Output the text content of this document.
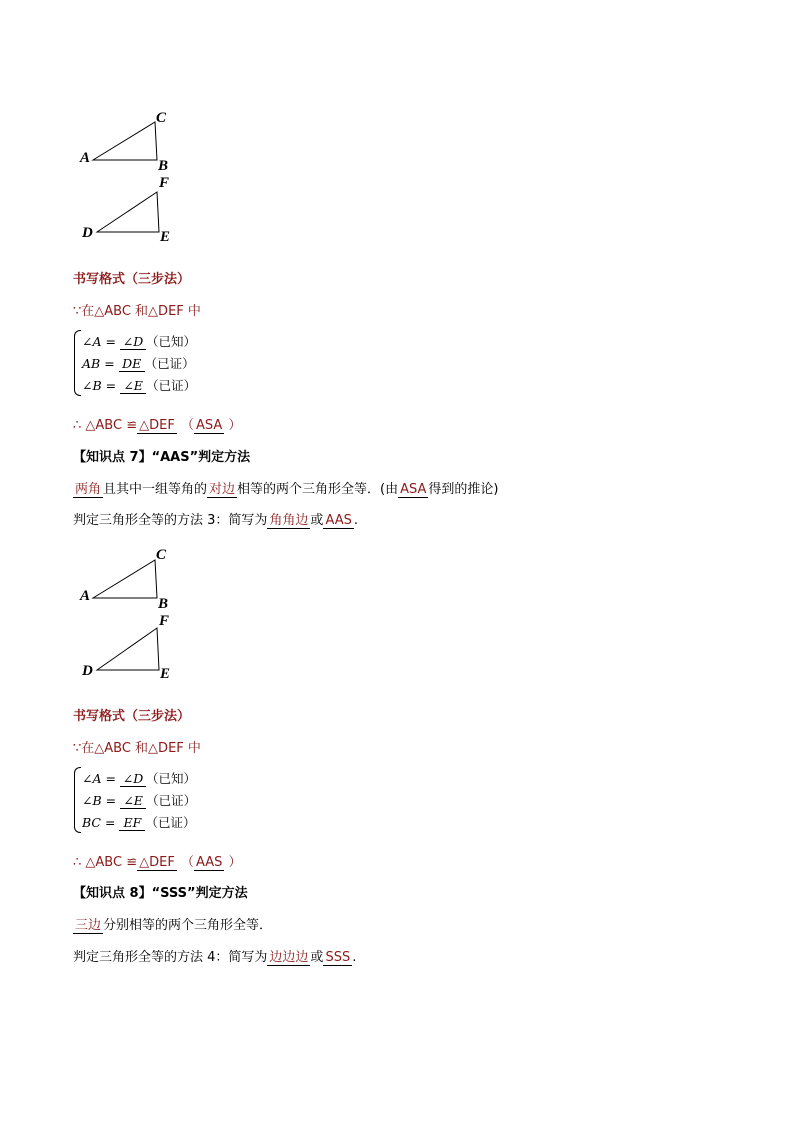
A
C
B
D
F
E
书写格式（三步法）
∵在△ABC 和△DEF 中
∠A = ∠D （已知）
AB = DE （已证）
∠B = ∠E （已证）
∴ △ABC ≌ △DEF （ ASA ）
【知识点 7】“AAS”判定方法
两角 且其中一组等角的 对边 相等的两个三角形全等．(由 ASA 得到的推论)
判定三角形全等的方法 3：简写为 角角边 或 AAS .
A
C
B
D
F
E
书写格式（三步法）
∵在△ABC 和△DEF 中
∠A = ∠D （已知）
∠B = ∠E （已证）
BC = EF （已证）
∴ △ABC ≌ △DEF （ AAS ）
【知识点 8】“SSS”判定方法
三边 分别相等的两个三角形全等．
判定三角形全等的方法 4：简写为 边边边 或 SSS .
